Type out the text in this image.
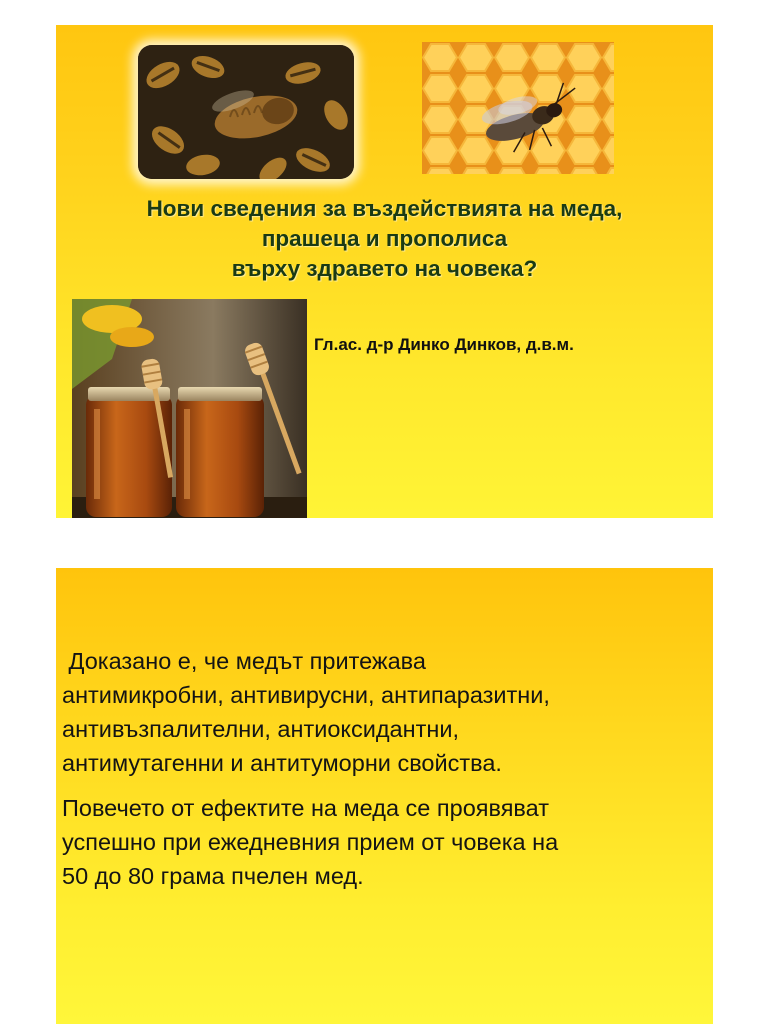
Нови сведения за въздействията на меда,
прашеца и прополиса
върху здравето на човека?
Гл.ас. д-р Динко Динков, д.в.м.
Доказано е, че медът притежава
антимикробни, антивирусни, антипаразитни,
антивъзпалителни, антиоксидантни,
антимутагенни и антитуморни свойства.
Повечето от ефектите на меда се проявяват
успешно при ежедневния прием от човека на
50 до 80 грама пчелен мед.
